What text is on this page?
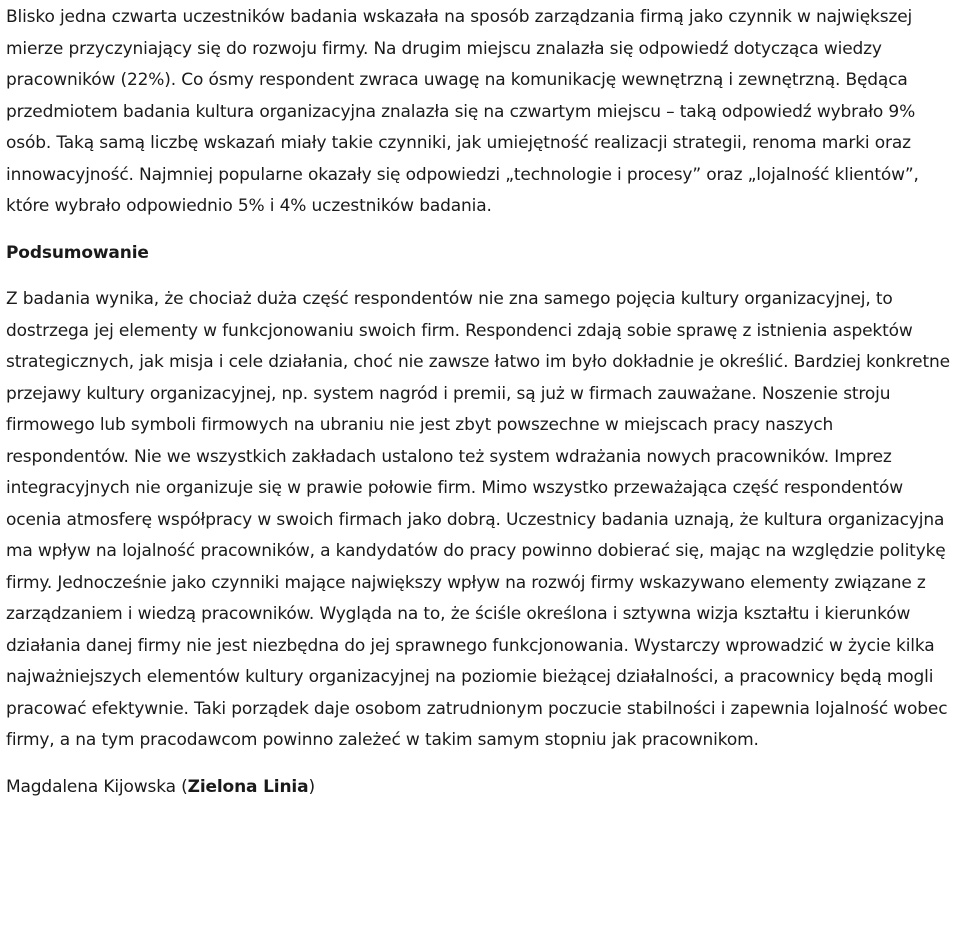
Blisko jedna czwarta uczestników badania wskazała na sposób zarządzania firmą jako czynnik w największej mierze przyczyniający się do rozwoju firmy. Na drugim miejscu znalazła się odpowiedź dotycząca wiedzy pracowników (22%). Co ósmy respondent zwraca uwagę na komunikację wewnętrzną i zewnętrzną. Będąca przedmiotem badania kultura organizacyjna znalazła się na czwartym miejscu – taką odpowiedź wybrało 9% osób. Taką samą liczbę wskazań miały takie czynniki, jak umiejętność realizacji strategii, renoma marki oraz innowacyjność. Najmniej popularne okazały się odpowiedzi „technologie i procesy” oraz „lojalność klientów”, które wybrało odpowiednio 5% i 4% uczestników badania.

Podsumowanie

Z badania wynika, że chociaż duża część respondentów nie zna samego pojęcia kultury organizacyjnej, to dostrzega jej elementy w funkcjonowaniu swoich firm. Respondenci zdają sobie sprawę z istnienia aspektów strategicznych, jak misja i cele działania, choć nie zawsze łatwo im było dokładnie je określić. Bardziej konkretne przejawy kultury organizacyjnej, np. system nagród i premii, są już w firmach zauważane. Noszenie stroju firmowego lub symboli firmowych na ubraniu nie jest zbyt powszechne w miejscach pracy naszych respondentów. Nie we wszystkich zakładach ustalono też system wdrażania nowych pracowników. Imprez integracyjnych nie organizuje się w prawie połowie firm. Mimo wszystko przeważająca część respondentów ocenia atmosferę współpracy w swoich firmach jako dobrą. Uczestnicy badania uznają, że kultura organizacyjna ma wpływ na lojalność pracowników, a kandydatów do pracy powinno dobierać się, mając na względzie politykę firmy. Jednocześnie jako czynniki mające największy wpływ na rozwój firmy wskazywano elementy związane z zarządzaniem i wiedzą pracowników. Wygląda na to, że ściśle określona i sztywna wizja kształtu i kierunków działania danej firmy nie jest niezbędna do jej sprawnego funkcjonowania. Wystarczy wprowadzić w życie kilka najważniejszych elementów kultury organizacyjnej na poziomie bieżącej działalności, a pracownicy będą mogli pracować efektywnie. Taki porządek daje osobom zatrudnionym poczucie stabilności i zapewnia lojalność wobec firmy, a na tym pracodawcom powinno zależeć w takim samym stopniu jak pracownikom.

Magdalena Kijowska (Zielona Linia)
